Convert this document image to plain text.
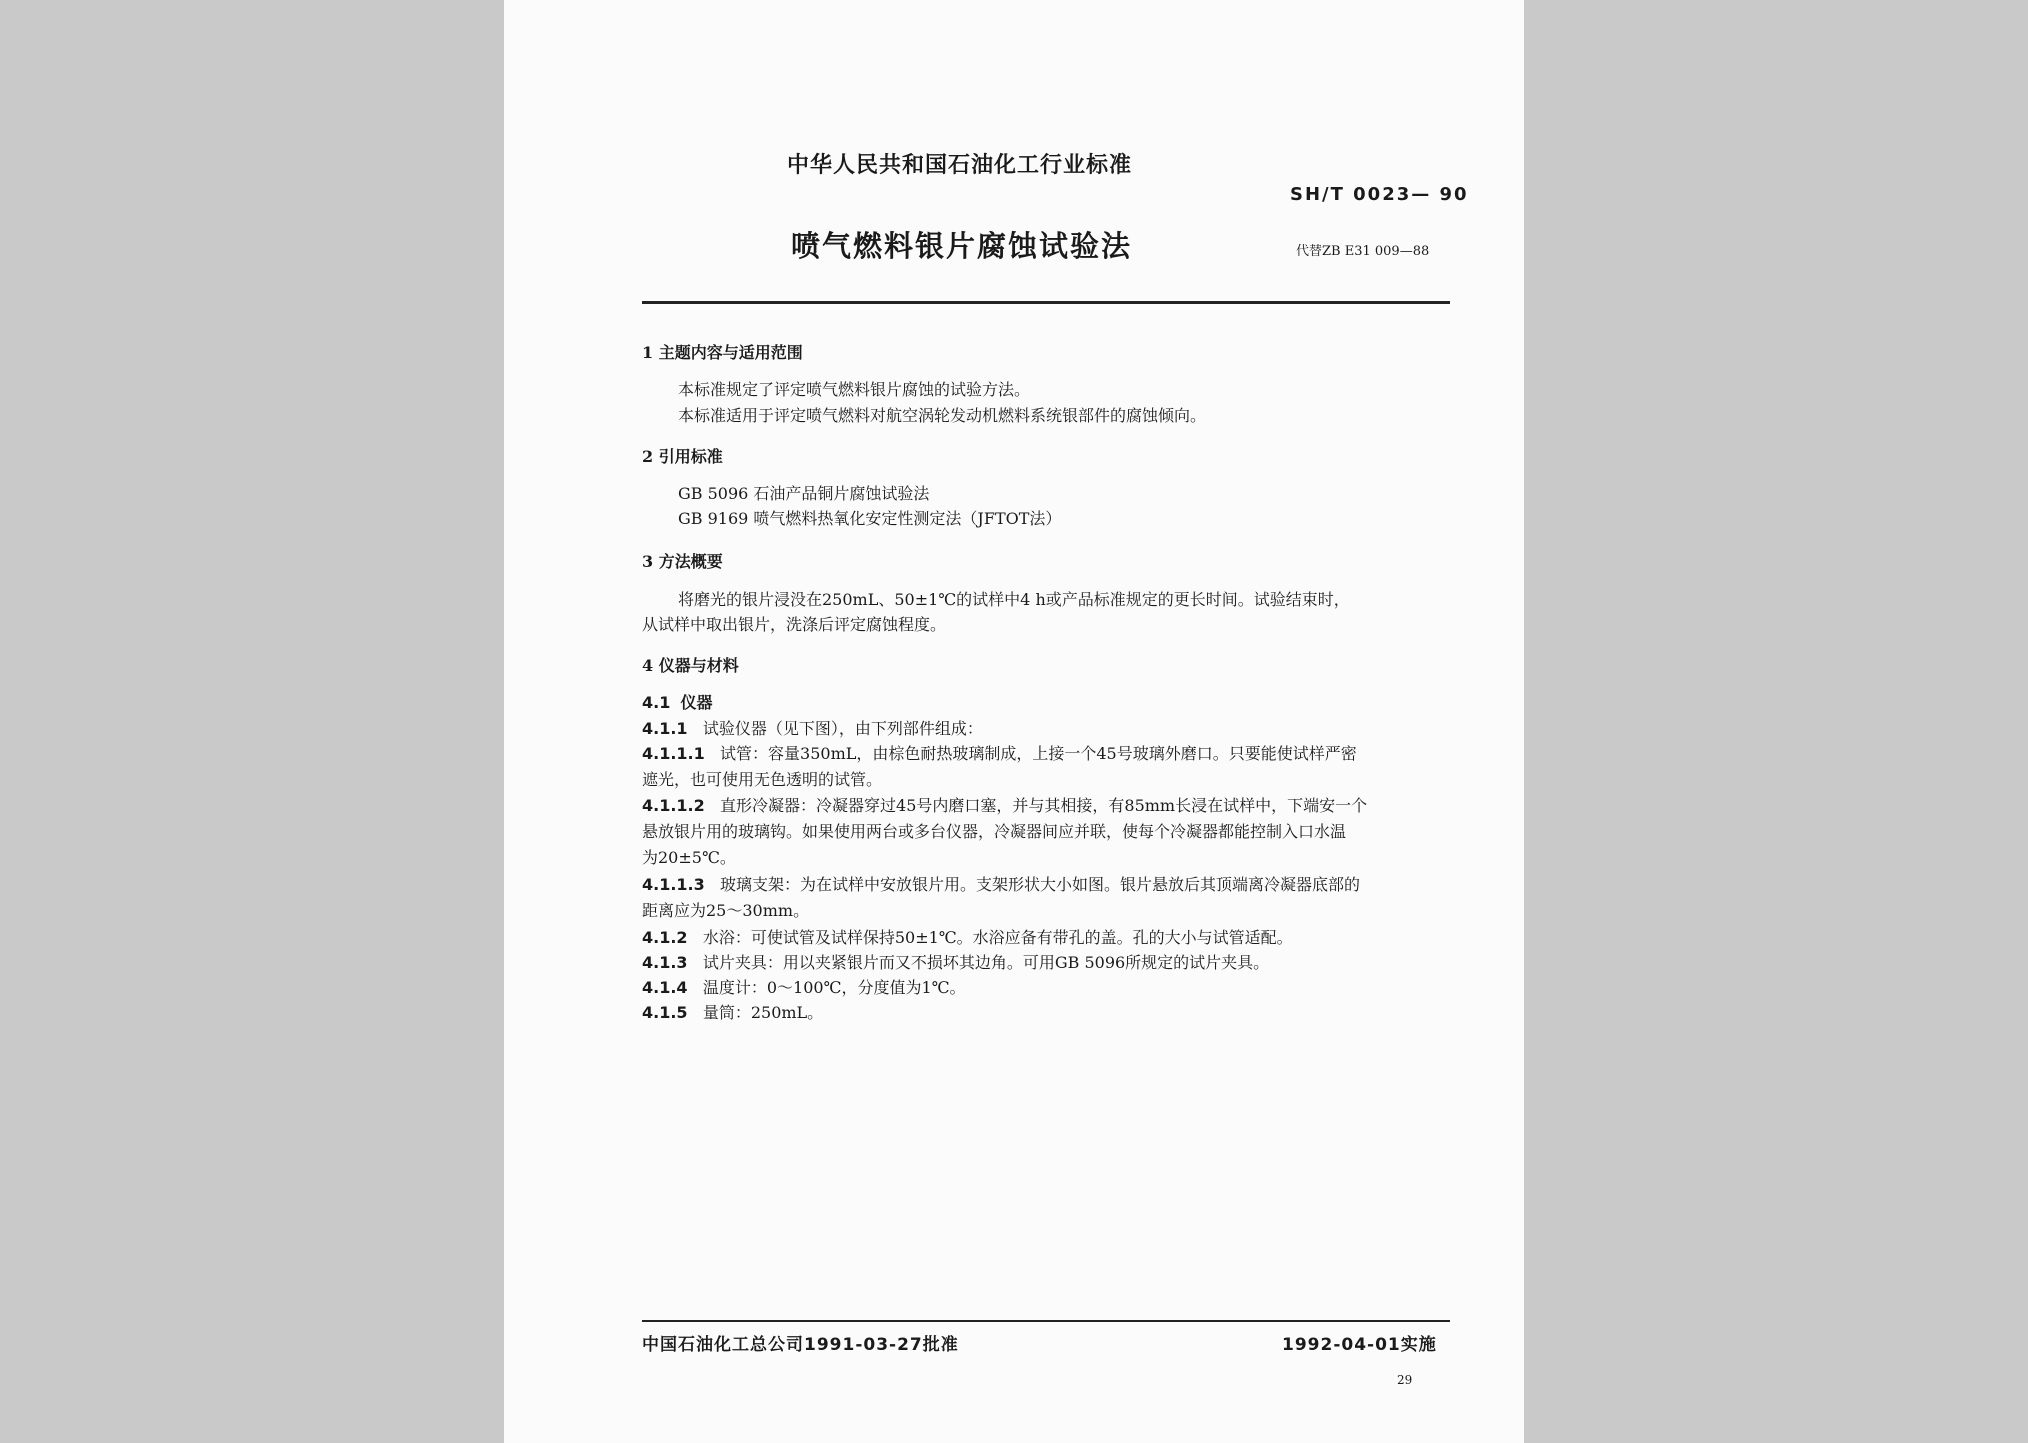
中华人民共和国石油化工行业标准
SH/T 0023— 90
喷气燃料银片腐蚀试验法	代替ZB E31 009—88
1 主题内容与适用范围
本标准规定了评定喷气燃料银片腐蚀的试验方法。
本标准适用于评定喷气燃料对航空涡轮发动机燃料系统银部件的腐蚀倾向。
2 引用标准
GB 5096 石油产品铜片腐蚀试验法
GB 9169 喷气燃料热氧化安定性测定法（JFTOT法）
3 方法概要
将磨光的银片浸没在250mL、50±1℃的试样中4 h或产品标准规定的更长时间。试验结束时，
从试样中取出银片，洗涤后评定腐蚀程度。
4 仪器与材料
4.1 仪器
4.1.1 试验仪器（见下图），由下列部件组成：
4.1.1.1 试管：容量350mL，由棕色耐热玻璃制成，上接一个45号玻璃外磨口。只要能使试样严密
遮光，也可使用无色透明的试管。
4.1.1.2 直形冷凝器：冷凝器穿过45号内磨口塞，并与其相接，有85mm长浸在试样中，下端安一个
悬放银片用的玻璃钩。如果使用两台或多台仪器，冷凝器间应并联，使每个冷凝器都能控制入口水温
为20±5℃。
4.1.1.3 玻璃支架：为在试样中安放银片用。支架形状大小如图。银片悬放后其顶端离冷凝器底部的
距离应为25～30mm。
4.1.2 水浴：可使试管及试样保持50±1℃。水浴应备有带孔的盖。孔的大小与试管适配。
4.1.3 试片夹具：用以夹紧银片而又不损坏其边角。可用GB 5096所规定的试片夹具。
4.1.4 温度计：0～100℃，分度值为1℃。
4.1.5 量筒：250mL。
中国石油化工总公司1991-03-27批准	1992-04-01实施
29
